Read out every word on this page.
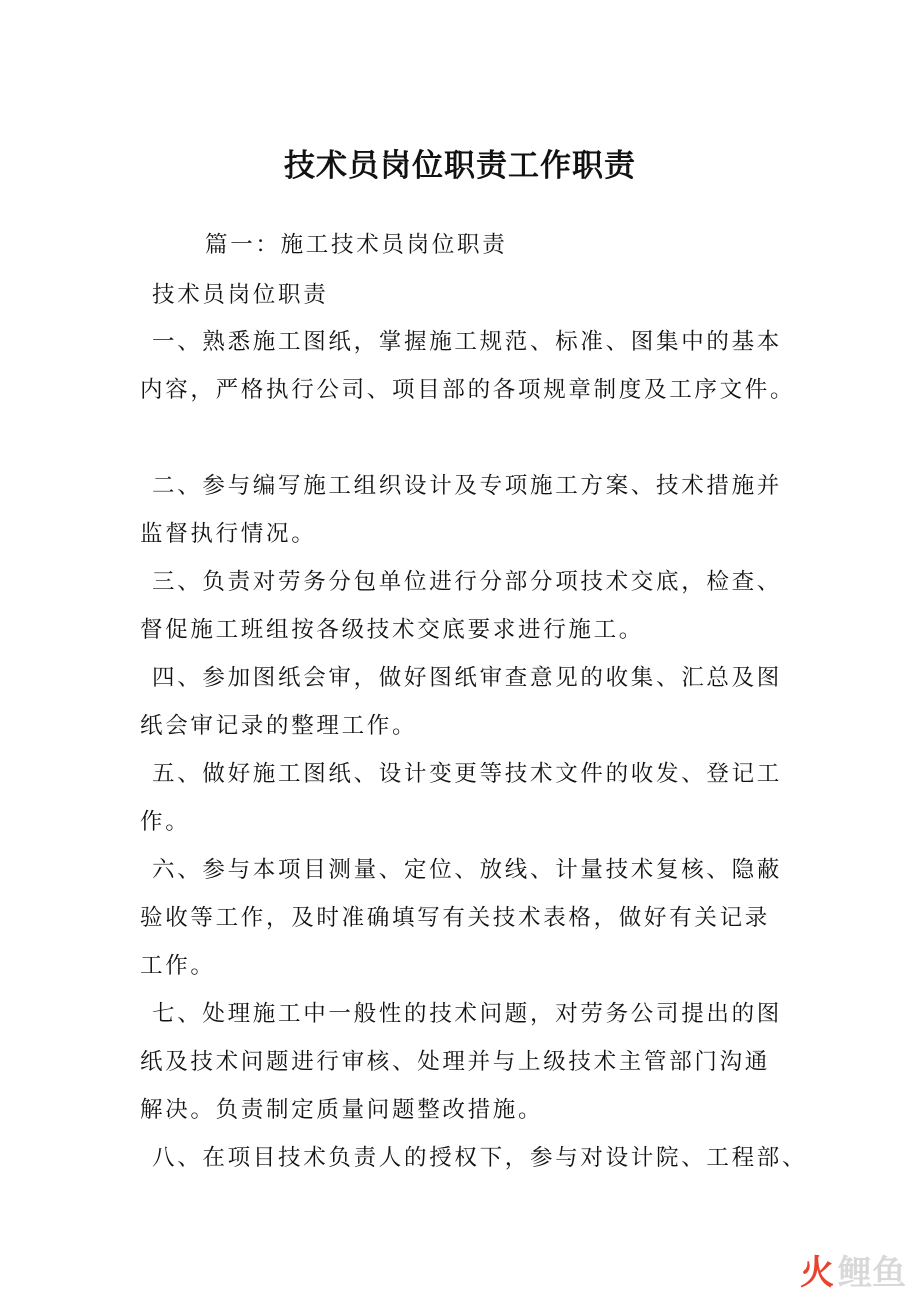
技术员岗位职责工作职责
篇一：施工技术员岗位职责
技术员岗位职责
一、熟悉施工图纸，掌握施工规范、标准、图集中的基本
内容，严格执行公司、项目部的各项规章制度及工序文件。
二、参与编写施工组织设计及专项施工方案、技术措施并
监督执行情况。
三、负责对劳务分包单位进行分部分项技术交底，检查、
督促施工班组按各级技术交底要求进行施工。
四、参加图纸会审，做好图纸审查意见的收集、汇总及图
纸会审记录的整理工作。
五、做好施工图纸、设计变更等技术文件的收发、登记工
作。
六、参与本项目测量、定位、放线、计量技术复核、隐蔽
验收等工作，及时准确填写有关技术表格，做好有关记录
工作。
七、处理施工中一般性的技术问题，对劳务公司提出的图
纸及技术问题进行审核、处理并与上级技术主管部门沟通
解决。负责制定质量问题整改措施。
八、在项目技术负责人的授权下，参与对设计院、工程部、
火 鲤鱼
